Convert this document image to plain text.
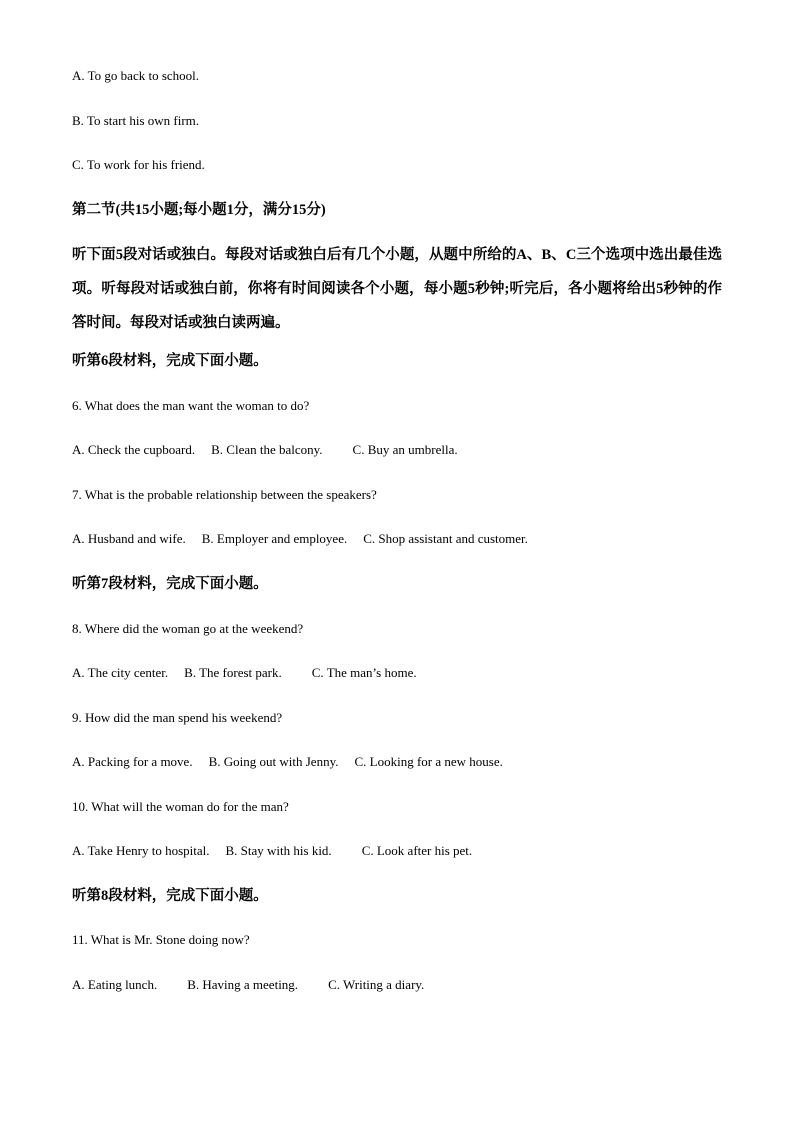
A. To go back to school.
B. To start his own firm.
C. To work for his friend.
第二节(共15小题;每小题1分，满分15分)
听下面5段对话或独白。每段对话或独白后有几个小题，从题中所给的A、B、C三个选项中选出最佳选项。听每段对话或独白前，你将有时间阅读各个小题，每小题5秒钟;听完后，各小题将给出5秒钟的作答时间。每段对话或独白读两遍。
听第6段材料，完成下面小题。
6. What does the man want the woman to do?
A. Check the cupboard. B. Clean the balcony. C. Buy an umbrella.
7. What is the probable relationship between the speakers?
A. Husband and wife. B. Employer and employee. C. Shop assistant and customer.
听第7段材料，完成下面小题。
8. Where did the woman go at the weekend?
A. The city center. B. The forest park. C. The man’s home.
9. How did the man spend his weekend?
A. Packing for a move. B. Going out with Jenny. C. Looking for a new house.
10. What will the woman do for the man?
A. Take Henry to hospital. B. Stay with his kid. C. Look after his pet.
听第8段材料，完成下面小题。
11. What is Mr. Stone doing now?
A. Eating lunch. B. Having a meeting. C. Writing a diary.
